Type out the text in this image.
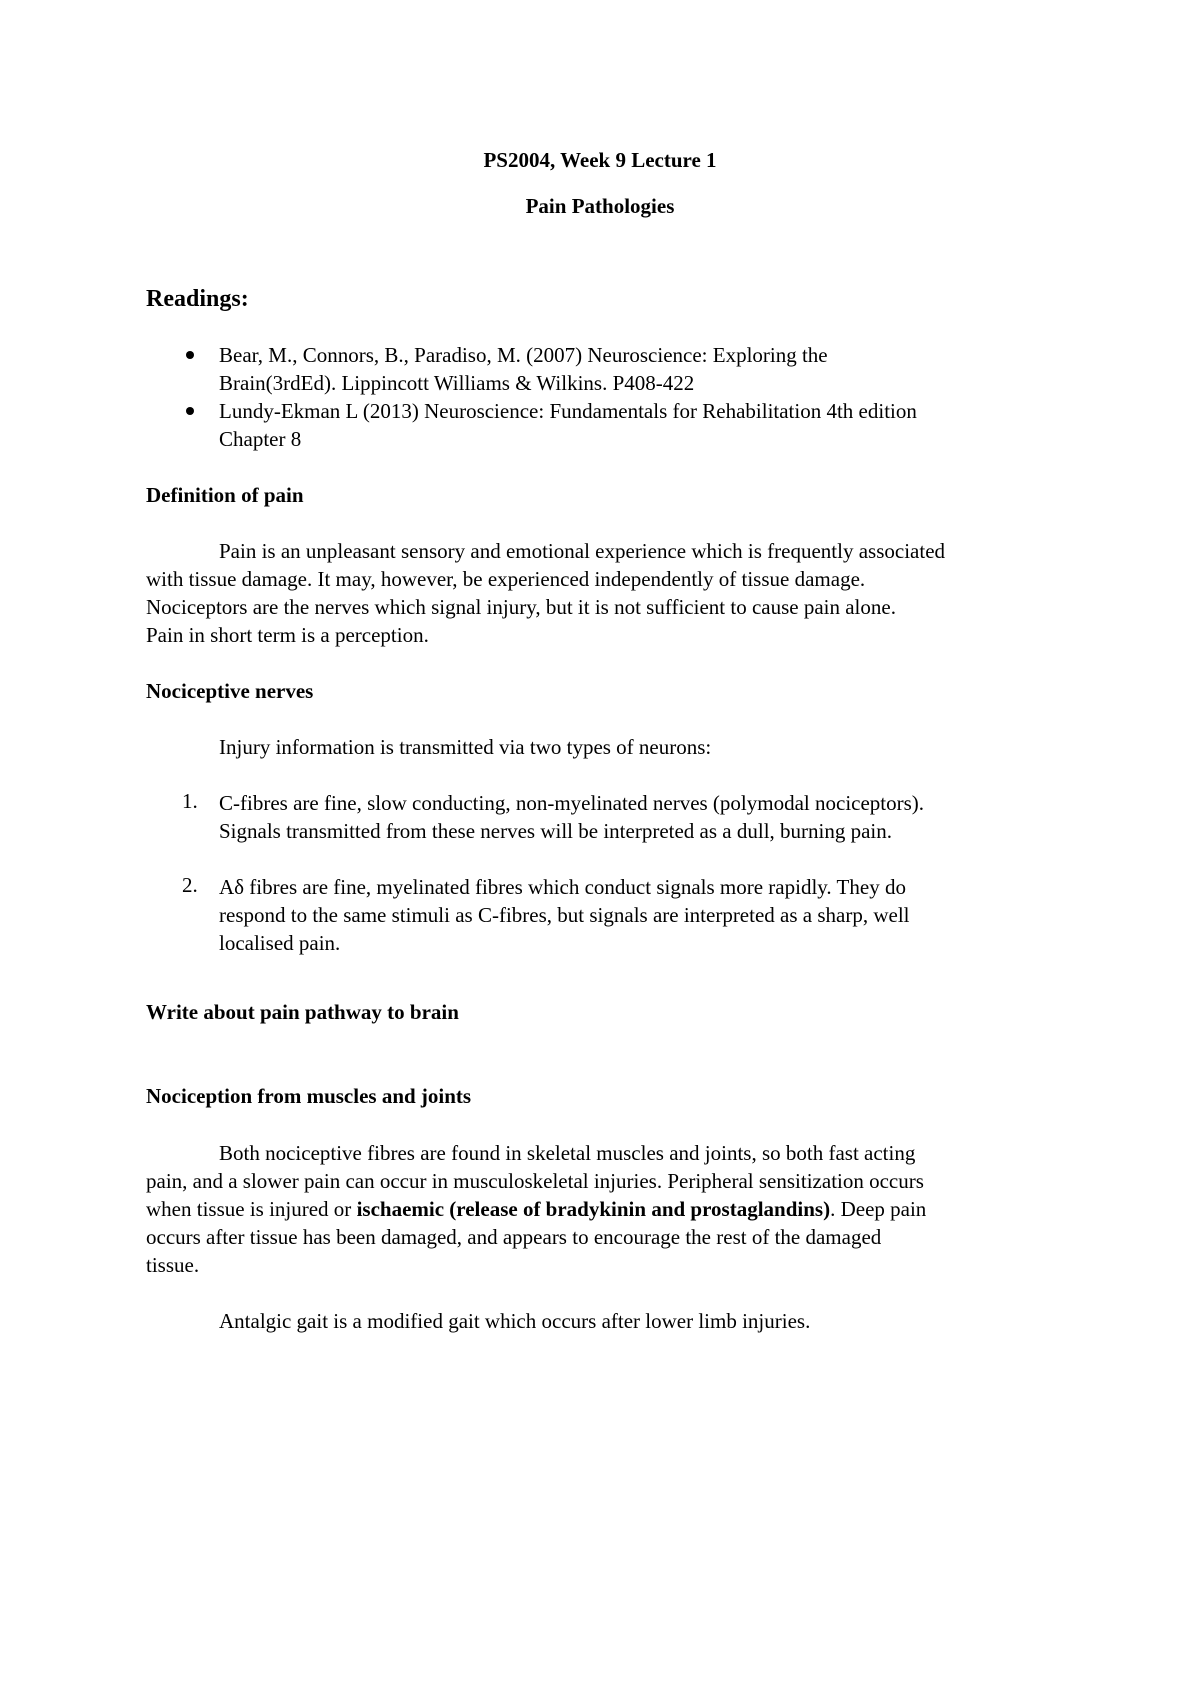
PS2004, Week 9 Lecture 1

Pain Pathologies

Readings:

Bear, M., Connors, B., Paradiso, M. (2007) Neuroscience: Exploring the

Brain(3rdEd). Lippincott Williams & Wilkins. P408-422

Lundy-Ekman L (2013) Neuroscience: Fundamentals for Rehabilitation 4th edition

Chapter 8

Definition of pain

Pain is an unpleasant sensory and emotional experience which is frequently associated

with tissue damage. It may, however, be experienced independently of tissue damage.

Nociceptors are the nerves which signal injury, but it is not sufficient to cause pain alone.

Pain in short term is a perception.

Nociceptive nerves

Injury information is transmitted via two types of neurons:

1. C-fibres are fine, slow conducting, non-myelinated nerves (polymodal nociceptors).

Signals transmitted from these nerves will be interpreted as a dull, burning pain.

2. Aδ fibres are fine, myelinated fibres which conduct signals more rapidly. They do

respond to the same stimuli as C-fibres, but signals are interpreted as a sharp, well

localised pain.

Write about pain pathway to brain

Nociception from muscles and joints

Both nociceptive fibres are found in skeletal muscles and joints, so both fast acting

pain, and a slower pain can occur in musculoskeletal injuries. Peripheral sensitization occurs

when tissue is injured or ischaemic (release of bradykinin and prostaglandins). Deep pain

occurs after tissue has been damaged, and appears to encourage the rest of the damaged

tissue.

Antalgic gait is a modified gait which occurs after lower limb injuries.
